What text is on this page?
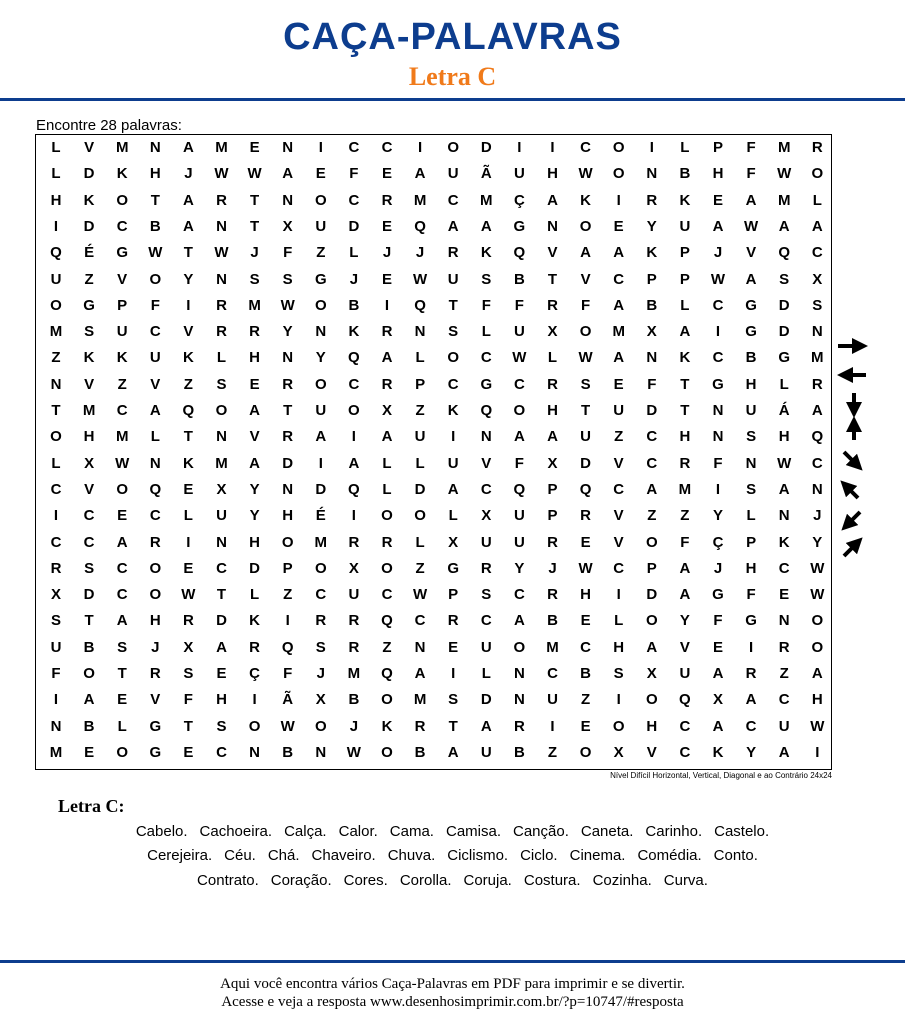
CAÇA-PALAVRAS
Letra C
Encontre 28 palavras:
L	V	M	N	A	M	E	N	I	C	C	I	O	D	I	I	C	O	I	L	P	F	M	R
L	D	K	H	J	W	W	A	E	F	E	A	U	Ã	U	H	W	O	N	B	H	F	W	O
H	K	O	T	A	R	T	N	O	C	R	M	C	M	Ç	A	K	I	R	K	E	A	M	L
I	D	C	B	A	N	T	X	U	D	E	Q	A	A	G	N	O	E	Y	U	A	W	A	A
Q	É	G	W	T	W	J	F	Z	L	J	J	R	K	Q	V	A	A	K	P	J	V	Q	C
U	Z	V	O	Y	N	S	S	G	J	E	W	U	S	B	T	V	C	P	P	W	A	S	X
O	G	P	F	I	R	M	W	O	B	I	Q	T	F	F	R	F	A	B	L	C	G	D	S
M	S	U	C	V	R	R	Y	N	K	R	N	S	L	U	X	O	M	X	A	I	G	D	N
Z	K	K	U	K	L	H	N	Y	Q	A	L	O	C	W	L	W	A	N	K	C	B	G	M
N	V	Z	V	Z	S	E	R	O	C	R	P	C	G	C	R	S	E	F	T	G	H	L	R
T	M	C	A	Q	O	A	T	U	O	X	Z	K	Q	O	H	T	U	D	T	N	U	Á	A
O	H	M	L	T	N	V	R	A	I	A	U	I	N	A	A	U	Z	C	H	N	S	H	Q
L	X	W	N	K	M	A	D	I	A	L	L	U	V	F	X	D	V	C	R	F	N	W	C
C	V	O	Q	E	X	Y	N	D	Q	L	D	A	C	Q	P	Q	C	A	M	I	S	A	N
I	C	E	C	L	U	Y	H	É	I	O	O	L	X	U	P	R	V	Z	Z	Y	L	N	J
C	C	A	R	I	N	H	O	M	R	R	L	X	U	U	R	E	V	O	F	Ç	P	K	Y
R	S	C	O	E	C	D	P	O	X	O	Z	G	R	Y	J	W	C	P	A	J	H	C	W
X	D	C	O	W	T	L	Z	C	U	C	W	P	S	C	R	H	I	D	A	G	F	E	W
S	T	A	H	R	D	K	I	R	R	Q	C	R	C	A	B	E	L	O	Y	F	G	N	O
U	B	S	J	X	A	R	Q	S	R	Z	N	E	U	O	M	C	H	A	V	E	I	R	O
F	O	T	R	S	E	Ç	F	J	M	Q	A	I	L	N	C	B	S	X	U	A	R	Z	A
I	A	E	V	F	H	I	Ã	X	B	O	M	S	D	N	U	Z	I	O	Q	X	A	C	H
N	B	L	G	T	S	O	W	O	J	K	R	T	A	R	I	E	O	H	C	A	C	U	W
M	E	O	G	E	C	N	B	N	W	O	B	A	U	B	Z	O	X	V	C	K	Y	A	I
Nível Difícil Horizontal, Vertical, Diagonal e ao Contrário 24x24
Letra C:
Cabelo. Cachoeira. Calça. Calor. Cama. Camisa. Canção. Caneta. Carinho. Castelo.
Cerejeira. Céu. Chá. Chaveiro. Chuva. Ciclismo. Ciclo. Cinema. Comédia. Conto.
Contrato. Coração. Cores. Corolla. Coruja. Costura. Cozinha. Curva.
Aqui você encontra vários Caça-Palavras em PDF para imprimir e se divertir.
Acesse e veja a resposta www.desenhosimprimir.com.br/?p=10747/#resposta
